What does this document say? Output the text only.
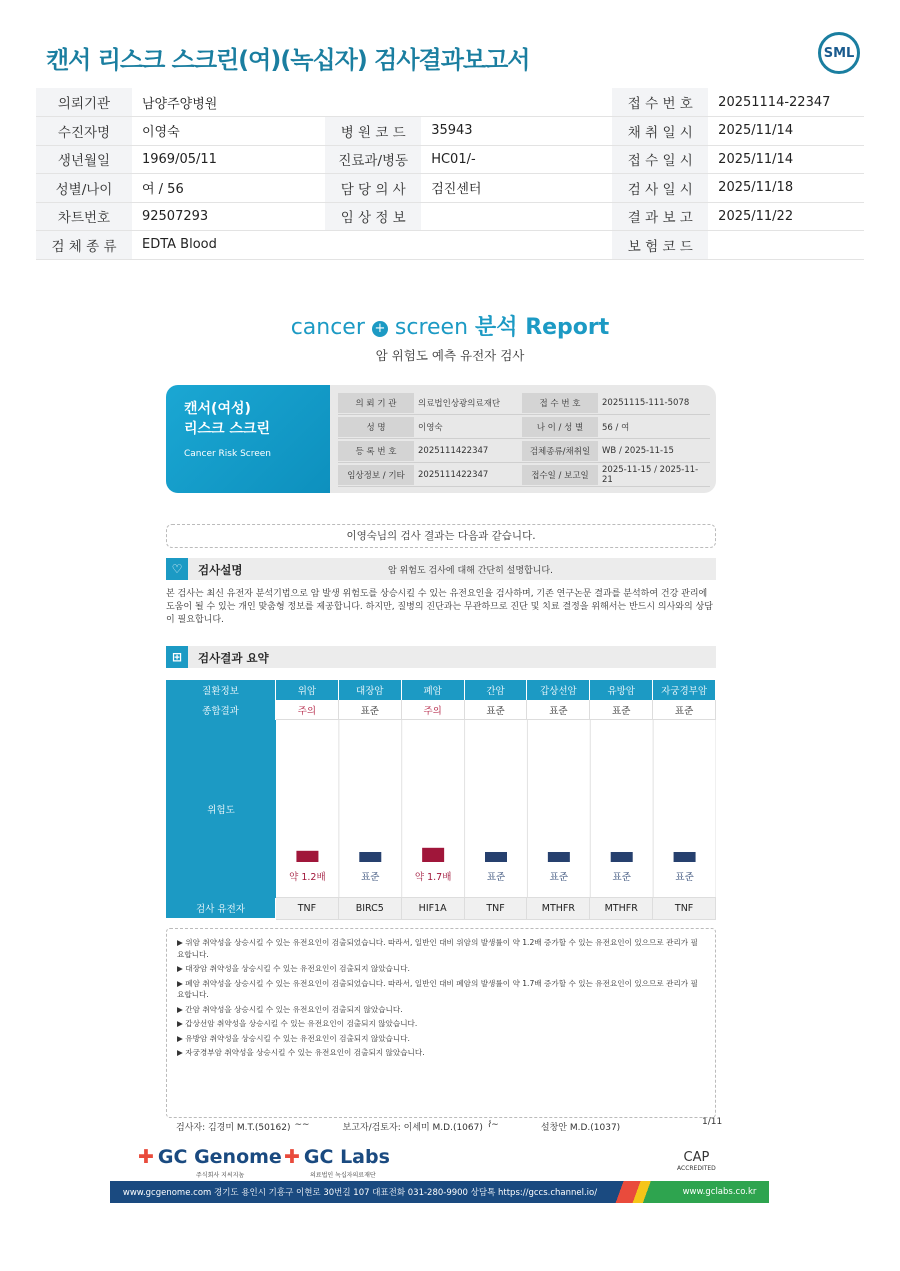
캔서 리스크 스크린(여)(녹십자) 검사결과보고서	SML
의뢰기관	남양주양병원			접 수 번 호	20251114-22347
수진자명	이영숙	병 원 코 드	35943	채 취 일 시	2025/11/14
생년월일	1969/05/11	진료과/병동	HC01/-	접 수 일 시	2025/11/14
성별/나이	여 / 56	담 당 의 사	검진센터	검 사 일 시	2025/11/18
차트번호	92507293	임 상 정 보		결 과 보 고	2025/11/22
검 체 종 류	EDTA Blood			보 험 코 드	
cancer + screen 분석 Report
암 위험도 예측 유전자 검사
캔서(여성)
리스크 스크린
Cancer Risk Screen
의 뢰 기 관	의료법인상광의료재단	접 수 번 호	20251115-111-5078
성 명	이영숙	나 이 / 성 별	56 / 여
등 록 번 호	2025111422347	검체종류/채취일	WB / 2025-11-15
임상정보 / 기타	2025111422347	접수일 / 보고일
2025-11-15 / 2025-11-21
이영숙님의 검사 결과는 다음과 같습니다.
♡	검사설명	암 위험도 검사에 대해 간단히 설명합니다.
본 검사는 최신 유전자 분석기법으로 암 발생 위험도를 상승시킬 수 있는 유전요인을 검사하며, 기존 연구논문 결과를 분석하여 건강 관리에 도움이 될 수 있는 개인 맞춤형 정보를 제공합니다. 하지만, 질병의 진단과는 무관하므로 진단 및 치료 결정을 위해서는 반드시 의사와의 상담이 필요합니다.
⊞	검사결과 요약
질환정보	위암	대장암	폐암	간암	갑상선암	유방암	자궁경부암
종합결과	주의	표준	주의	표준	표준	표준	표준
위험도
약 1.2배	표준	약 1.7배	표준	표준	표준	표준
검사 유전자	TNF	BIRC5	HIF1A	TNF	MTHFR	MTHFR	TNF
▶ 위암 취약성을 상승시킬 수 있는 유전요인이 검출되었습니다. 따라서, 일반인 대비 위암의 발생률이 약 1.2배 증가할 수 있는 유전요인이 있으므로 관리가 필요합니다.
▶ 대장암 취약성을 상승시킬 수 있는 유전요인이 검출되지 않았습니다.
▶ 폐암 취약성을 상승시킬 수 있는 유전요인이 검출되었습니다. 따라서, 일반인 대비 폐암의 발생률이 약 1.7배 증가할 수 있는 유전요인이 있으므로 관리가 필요합니다.
▶ 간암 취약성을 상승시킬 수 있는 유전요인이 검출되지 않았습니다.
▶ 갑상선암 취약성을 상승시킬 수 있는 유전요인이 검출되지 않았습니다.
▶ 유방암 취약성을 상승시킬 수 있는 유전요인이 검출되지 않았습니다.
▶ 자궁경부암 취약성을 상승시킬 수 있는 유전요인이 검출되지 않았습니다.
검사자: 김경미 M.T.(50162) ∼∼	보고자/검토자: 이세미 M.D.(1067) ⌇∼	설창안 M.D.(1037)
1/11
✚ GC Genome
주식회사 지씨지놈
✚ GC Labs
의료법인 녹십자의료재단
CAP
ACCREDITED
www.gcgenome.com 경기도 용인시 기흥구 이현로 30번길 107 대표전화 031-280-9900 상담톡 https://gccs.channel.io/	www.gclabs.co.kr
